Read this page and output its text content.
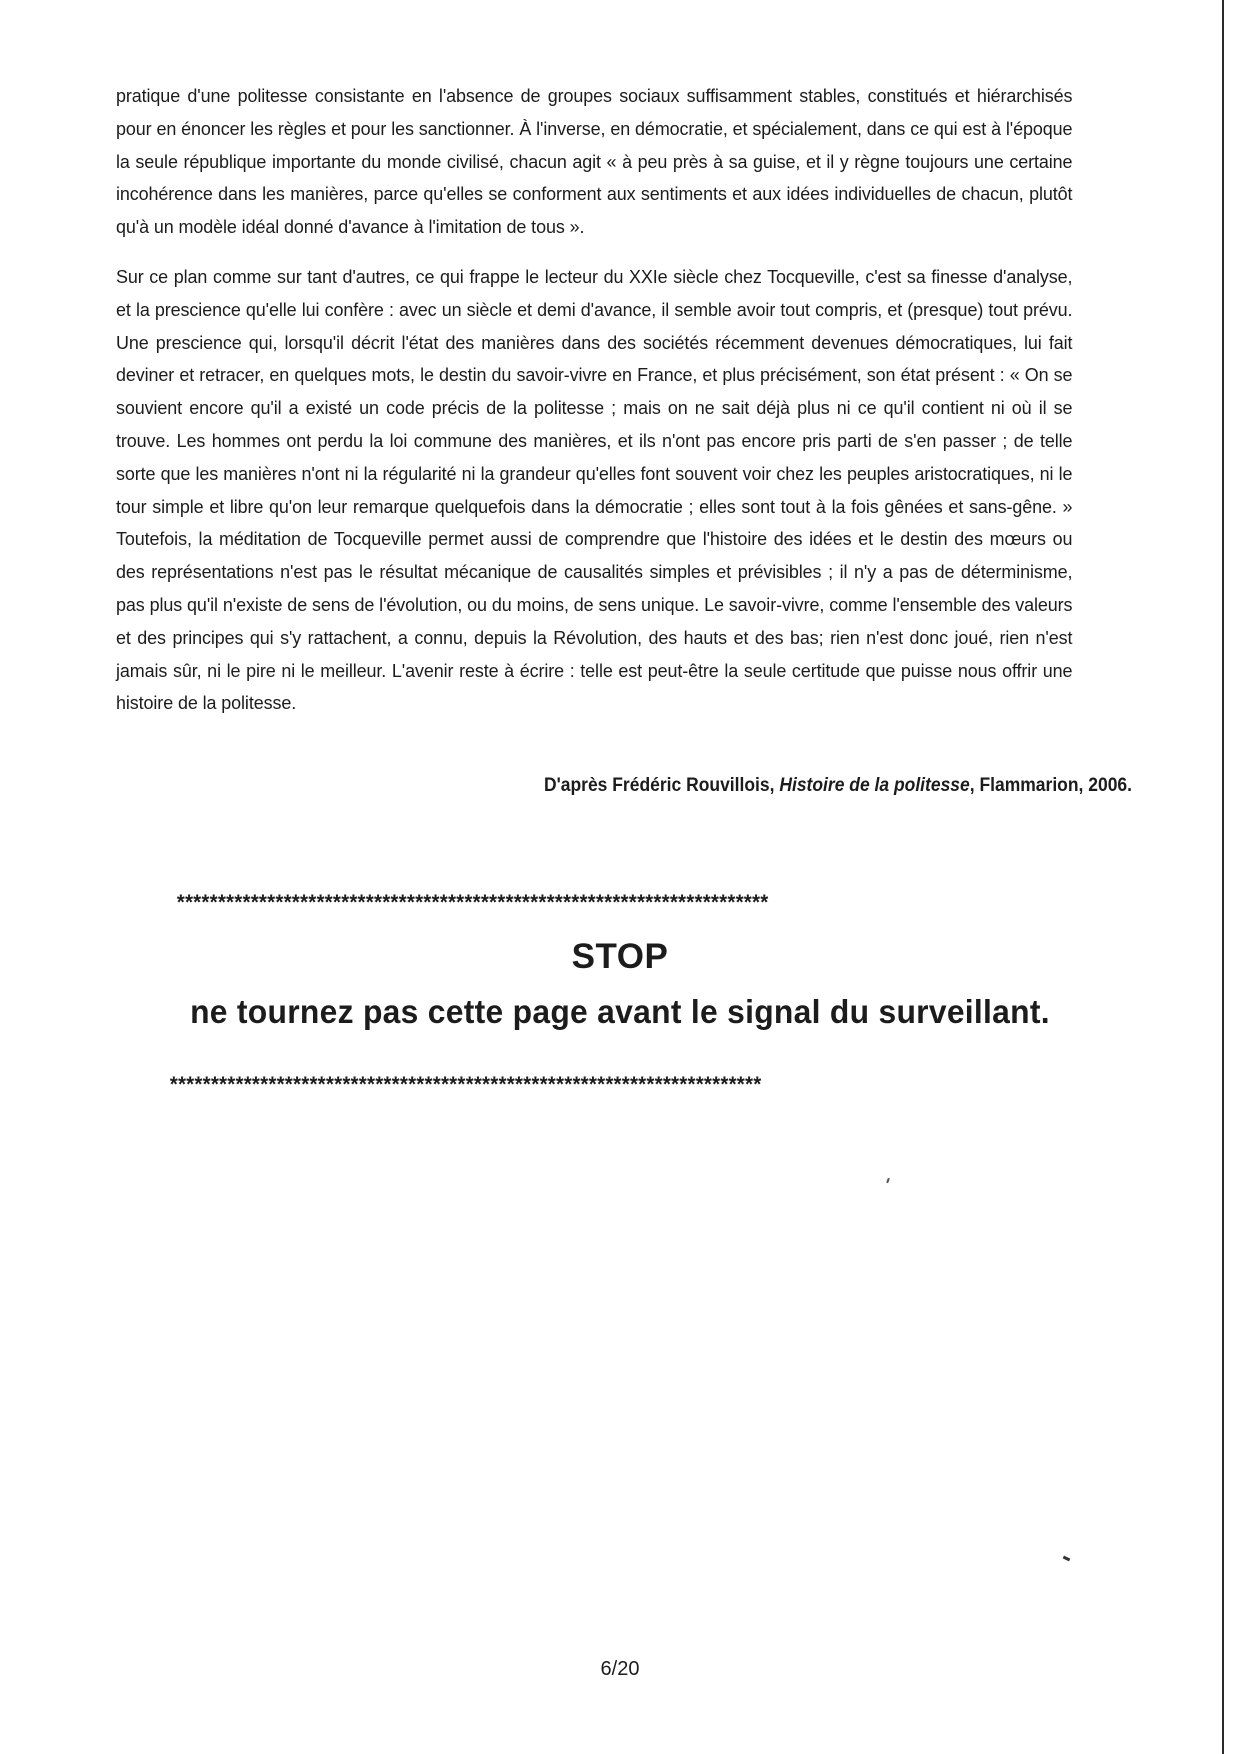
pratique d'une politesse consistante en l'absence de groupes sociaux suffisamment stables, constitués et hiérarchisés pour en énoncer les règles et pour les sanctionner. À l'inverse, en démocratie, et spécialement, dans ce qui est à l'époque la seule république importante du monde civilisé, chacun agit « à peu près à sa guise, et il y règne toujours une certaine incohérence dans les manières, parce qu'elles se conforment aux sentiments et aux idées individuelles de chacun, plutôt qu'à un modèle idéal donné d'avance à l'imitation de tous ».

Sur ce plan comme sur tant d'autres, ce qui frappe le lecteur du XXIe siècle chez Tocqueville, c'est sa finesse d'analyse, et la prescience qu'elle lui confère : avec un siècle et demi d'avance, il semble avoir tout compris, et (presque) tout prévu. Une prescience qui, lorsqu'il décrit l'état des manières dans des sociétés récemment devenues démocratiques, lui fait deviner et retracer, en quelques mots, le destin du savoir-vivre en France, et plus précisément, son état présent : « On se souvient encore qu'il a existé un code précis de la politesse ; mais on ne sait déjà plus ni ce qu'il contient ni où il se trouve. Les hommes ont perdu la loi commune des manières, et ils n'ont pas encore pris parti de s'en passer ; de telle sorte que les manières n'ont ni la régularité ni la grandeur qu'elles font souvent voir chez les peuples aristocratiques, ni le tour simple et libre qu'on leur remarque quelquefois dans la démocratie ; elles sont tout à la fois gênées et sans-gêne. » Toutefois, la méditation de Tocqueville permet aussi de comprendre que l'histoire des idées et le destin des mœurs ou des représentations n'est pas le résultat mécanique de causalités simples et prévisibles ; il n'y a pas de déterminisme, pas plus qu'il n'existe de sens de l'évolution, ou du moins, de sens unique. Le savoir-vivre, comme l'ensemble des valeurs et des principes qui s'y rattachent, a connu, depuis la Révolution, des hauts et des bas; rien n'est donc joué, rien n'est jamais sûr, ni le pire ni le meilleur. L'avenir reste à écrire : telle est peut-être la seule certitude que puisse nous offrir une histoire de la politesse.

D'après Frédéric Rouvillois, Histoire de la politesse, Flammarion, 2006.
************************************************************************
STOP
ne tournez pas cette page avant le signal du surveillant.
************************************************************************
6/20
